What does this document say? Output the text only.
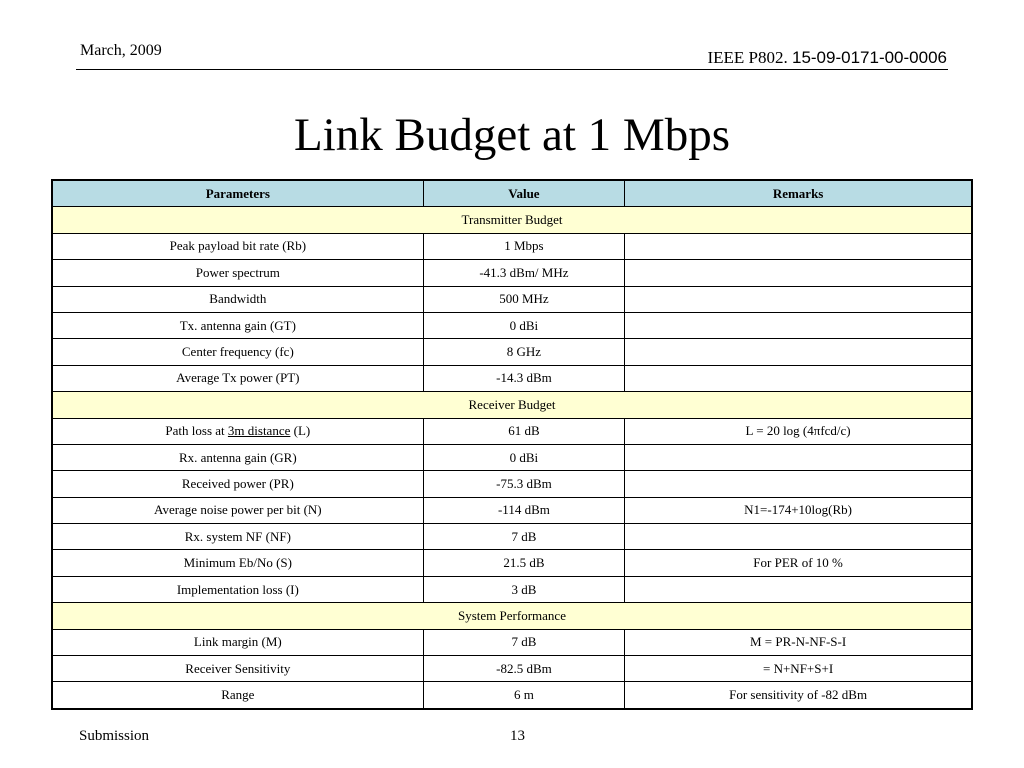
March, 2009	IEEE P802. 15-09-0171-00-0006
Link Budget at 1 Mbps
Parameters	Value	Remarks
Transmitter Budget		
Peak payload bit rate (Rb)	1 Mbps	
Power spectrum	-41.3 dBm/ MHz	
Bandwidth	500 MHz	
Tx. antenna gain (GT)	0 dBi	
Center frequency (fc)	8 GHz	
Average Tx power (PT)	-14.3 dBm	
Receiver Budget		
Path loss at 3m distance (L)	61 dB	L = 20 log (4πfcd/c)
Rx. antenna gain (GR)	0 dBi	
Received power (PR)	-75.3 dBm	
Average noise power per bit (N)	-114 dBm	N1=-174+10log(Rb)
Rx. system NF (NF)	7 dB	
Minimum Eb/No (S)	21.5 dB	For PER of 10 %
Implementation loss (I)	3 dB	
System Performance		
Link margin (M)	7 dB	M = PR-N-NF-S-I
Receiver Sensitivity	-82.5 dBm	= N+NF+S+I
Range	6 m	For sensitivity of -82 dBm
Submission	13
